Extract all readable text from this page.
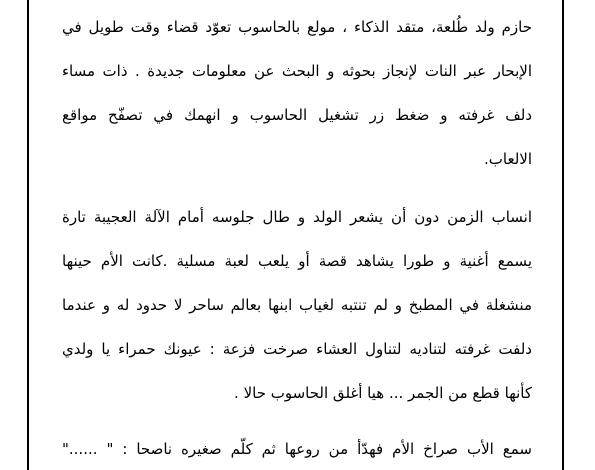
حازم ولد طُلعة، متقد الذكاء ، مولع بالحاسوب تعوّد قضاء وقت طويل في
الإبحار عبر النات لإنجاز بحوثه و البحث عن معلومات جديدة . ذات مساء
دلف غرفته و ضغط زر تشغيل الحاسوب و انهمك في تصفّح مواقع
الالعاب.
انساب الزمن دون أن يشعر الولد و طال جلوسه أمام الآلة العجيبة تارة
يسمع أغنية و طورا يشاهد قصة أو يلعب لعبة مسلية .كانت الأم حينها
منشغلة في المطبخ و لم تنتبه لغياب ابنها بعالم ساحر لا حدود له و عندما
دلفت غرفته لتناديه لتناول العشاء صرخت فزعة : عيونك حمراء يا ولدي
كأنها قطع من الجمر ... هيا أغلق الحاسوب حالا .
سمع الأب صراخ الأم فهدّأ من روعها ثم كلّم صغيره ناصحا : " ......"
